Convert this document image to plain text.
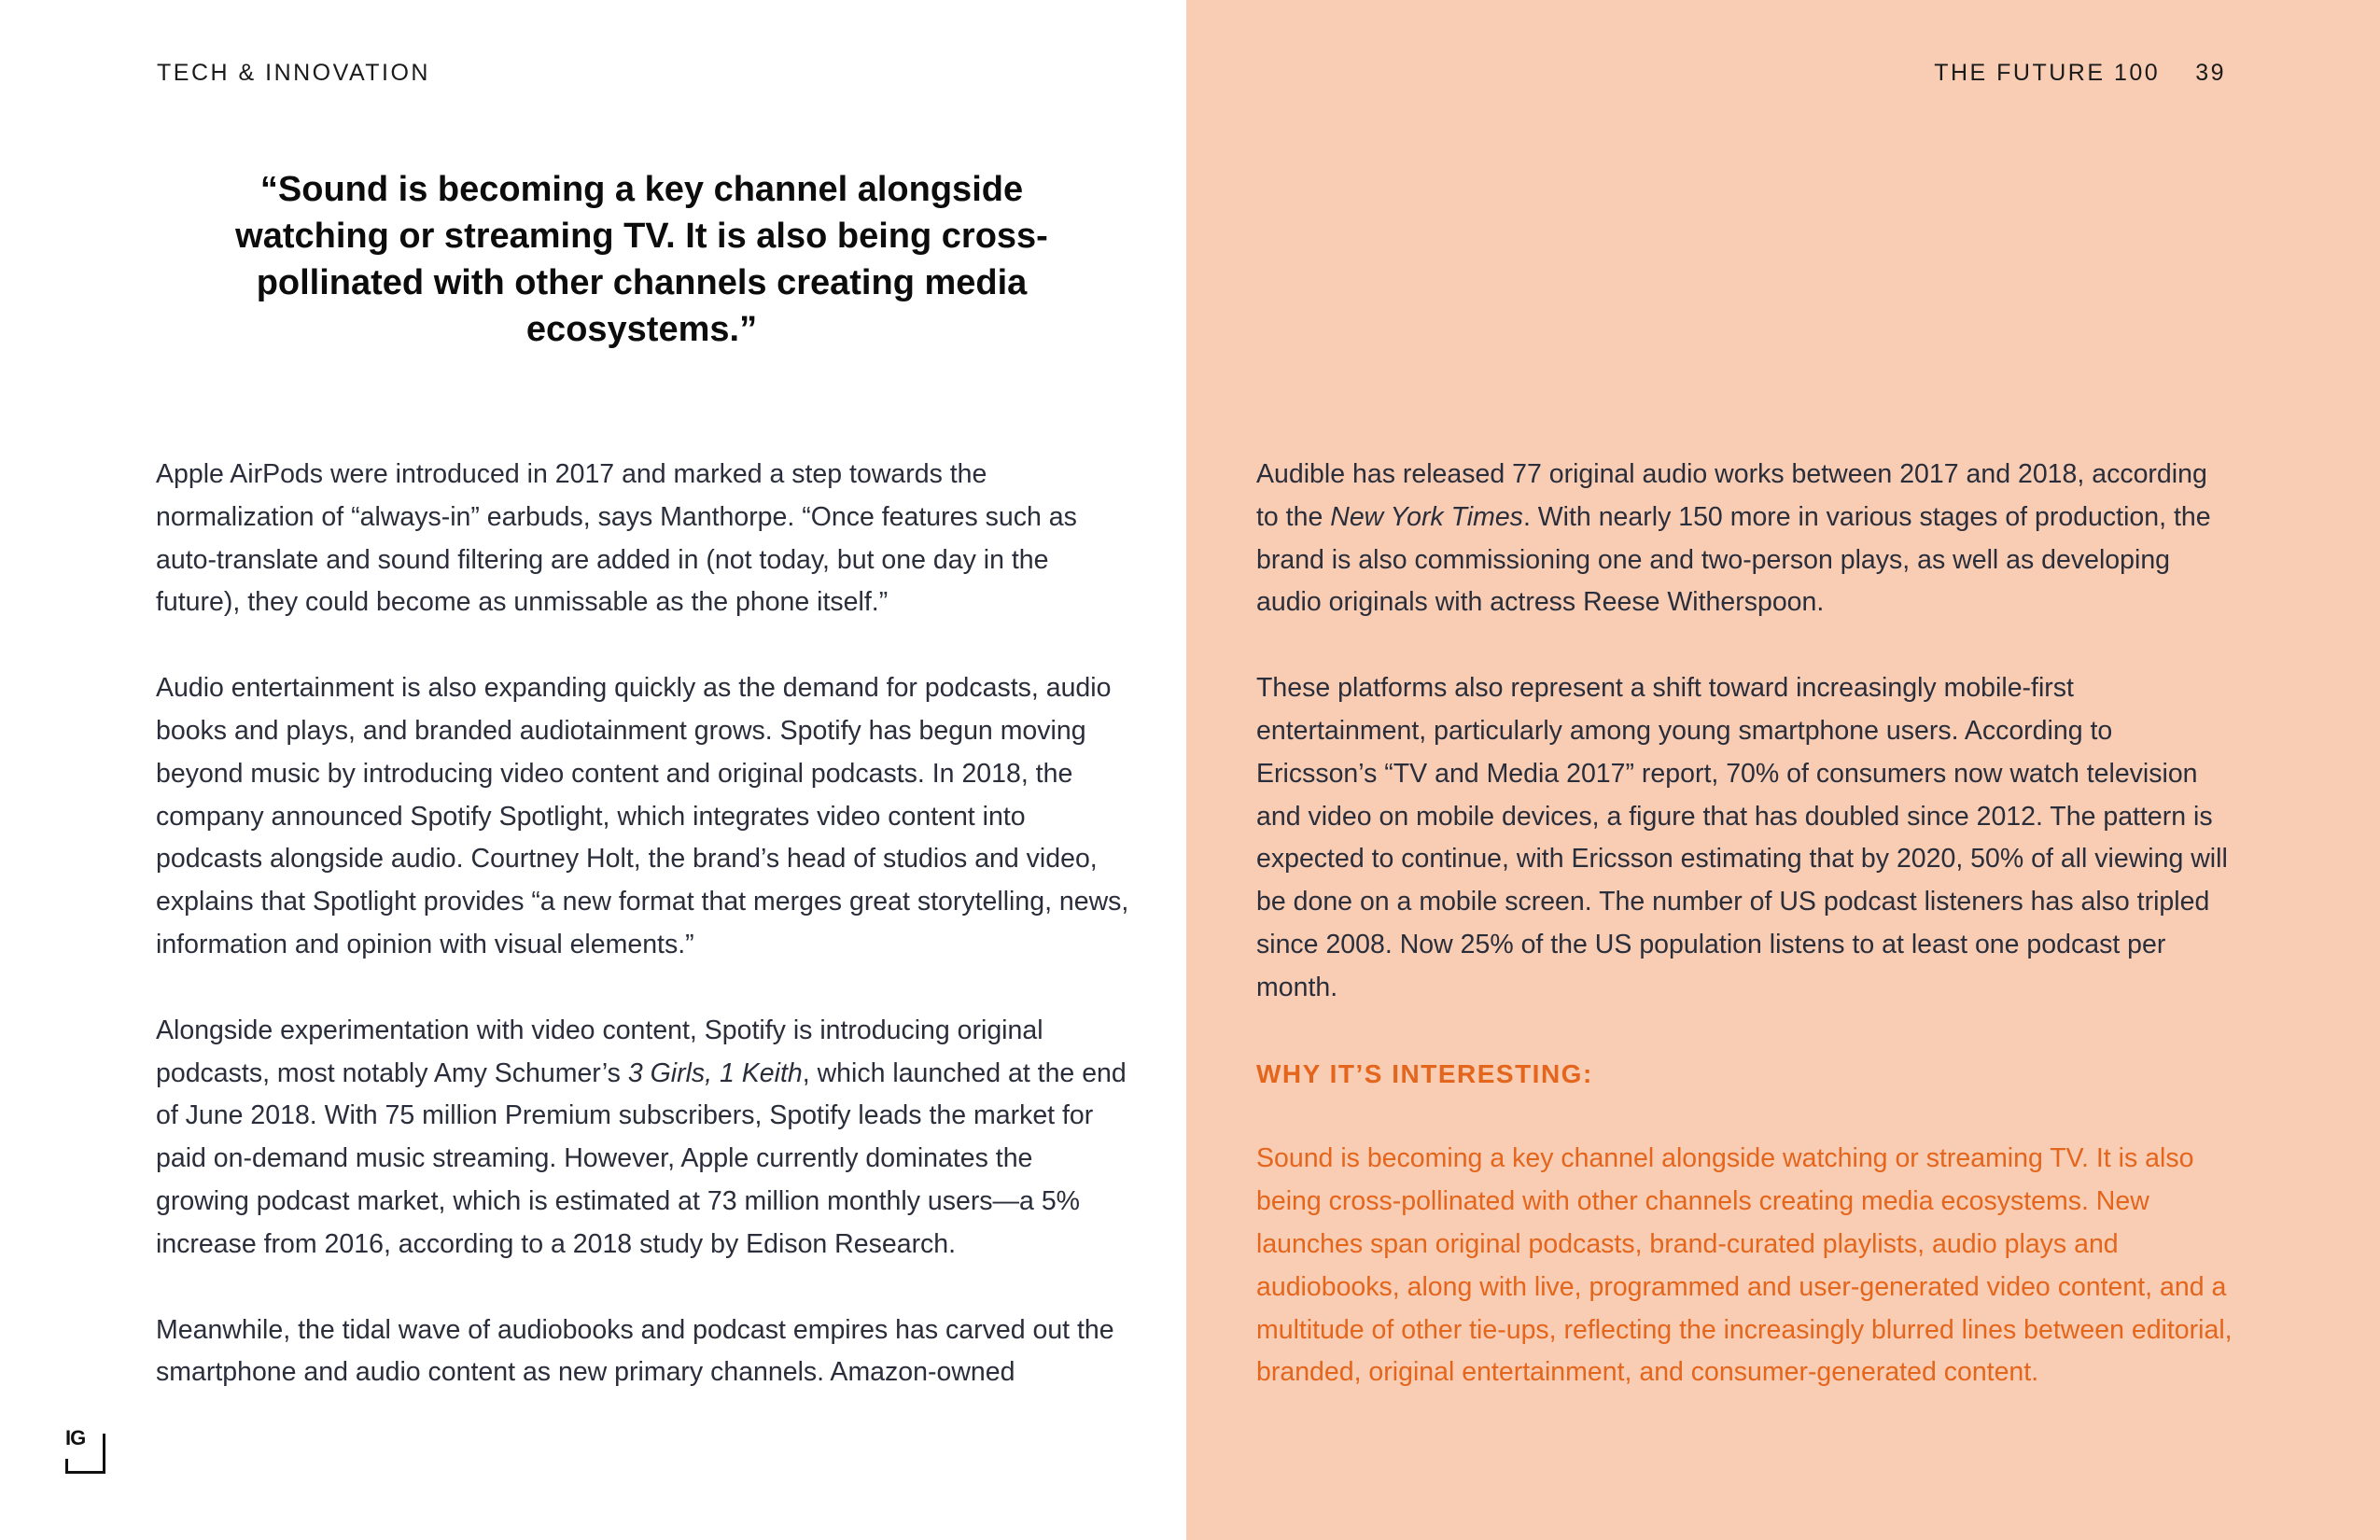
TECH & INNOVATION	THE FUTURE 100 39
“Sound is becoming a key channel alongside watching or streaming TV. It is also being cross-pollinated with other channels creating media ecosystems.”

Apple AirPods were introduced in 2017 and marked a step towards the normalization of “always-in” earbuds, says Manthorpe. “Once features such as auto-translate and sound filtering are added in (not today, but one day in the future), they could become as unmissable as the phone itself.”

Audio entertainment is also expanding quickly as the demand for podcasts, audio books and plays, and branded audiotainment grows. Spotify has begun moving beyond music by introducing video content and original podcasts. In 2018, the company announced Spotify Spotlight, which integrates video content into podcasts alongside audio. Courtney Holt, the brand’s head of studios and video, explains that Spotlight provides “a new format that merges great storytelling, news, information and opinion with visual elements.”

Alongside experimentation with video content, Spotify is introducing original podcasts, most notably Amy Schumer’s 3 Girls, 1 Keith, which launched at the end of June 2018. With 75 million Premium subscribers, Spotify leads the market for paid on-demand music streaming. However, Apple currently dominates the growing podcast market, which is estimated at 73 million monthly users—a 5% increase from 2016, according to a 2018 study by Edison Research.

Meanwhile, the tidal wave of audiobooks and podcast empires has carved out the smartphone and audio content as new primary channels. Amazon-owned

Audible has released 77 original audio works between 2017 and 2018, according to the New York Times. With nearly 150 more in various stages of production, the brand is also commissioning one and two-person plays, as well as developing audio originals with actress Reese Witherspoon.

These platforms also represent a shift toward increasingly mobile-first entertainment, particularly among young smartphone users. According to Ericsson’s “TV and Media 2017” report, 70% of consumers now watch television and video on mobile devices, a figure that has doubled since 2012. The pattern is expected to continue, with Ericsson estimating that by 2020, 50% of all viewing will be done on a mobile screen. The number of US podcast listeners has also tripled since 2008. Now 25% of the US population listens to at least one podcast per month.

WHY IT’S INTERESTING:

Sound is becoming a key channel alongside watching or streaming TV. It is also being cross-pollinated with other channels creating media ecosystems. New launches span original podcasts, brand-curated playlists, audio plays and audiobooks, along with live, programmed and user-generated video content, and a multitude of other tie-ups, reflecting the increasingly blurred lines between editorial, branded, original entertainment, and consumer-generated content.

IG
